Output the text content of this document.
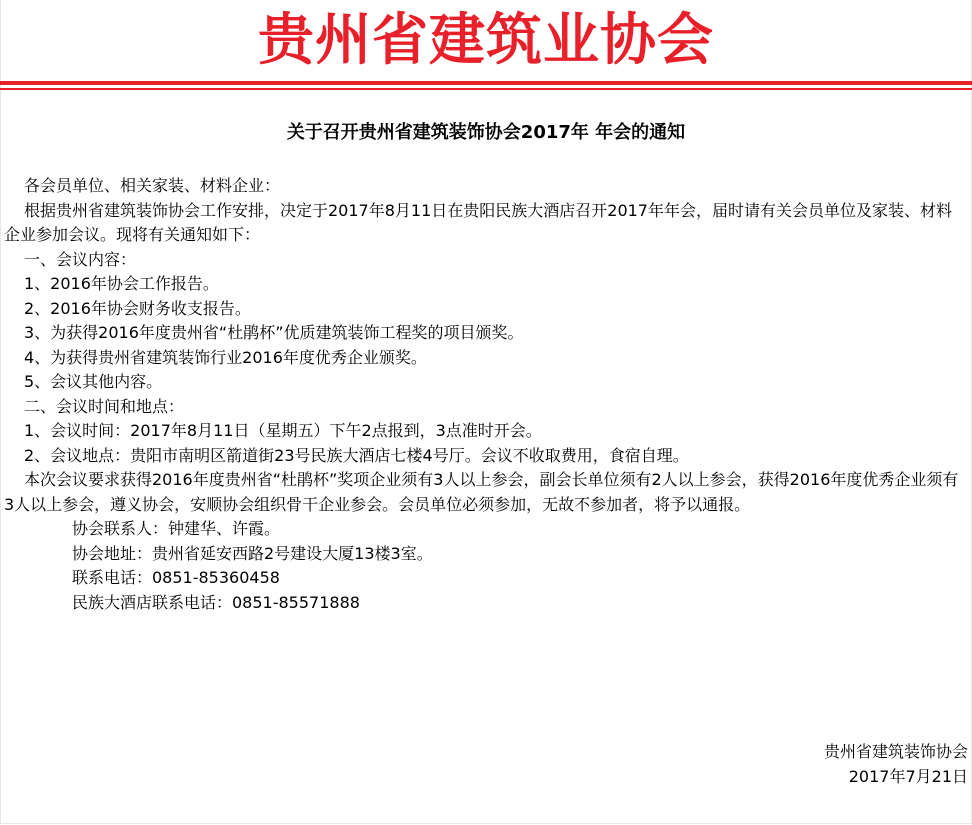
贵州省建筑业协会
关于召开贵州省建筑装饰协会2017年 年会的通知

各会员单位、相关家装、材料企业：

根据贵州省建筑装饰协会工作安排，决定于2017年8月11日在贵阳民族大酒店召开2017年年会，届时请有关会员单位及家装、材料企业参加会议。现将有关通知如下：

一、会议内容：

1、2016年协会工作报告。

2、2016年协会财务收支报告。

3、为获得2016年度贵州省“杜鹃杯”优质建筑装饰工程奖的项目颁奖。

4、为获得贵州省建筑装饰行业2016年度优秀企业颁奖。

5、会议其他内容。

二、会议时间和地点：

1、会议时间：2017年8月11日（星期五）下午2点报到，3点准时开会。

2、会议地点：贵阳市南明区箭道街23号民族大酒店七楼4号厅。会议不收取费用，食宿自理。

本次会议要求获得2016年度贵州省“杜鹃杯”奖项企业须有3人以上参会，副会长单位须有2人以上参会，获得2016年度优秀企业须有3人以上参会，遵义协会，安顺协会组织骨干企业参会。会员单位必须参加，无故不参加者，将予以通报。

协会联系人：钟建华、许霞。

协会地址：贵州省延安西路2号建设大厦13楼3室。

联系电话：0851-85360458

民族大酒店联系电话：0851-85571888

贵州省建筑装饰协会
2017年7月21日
